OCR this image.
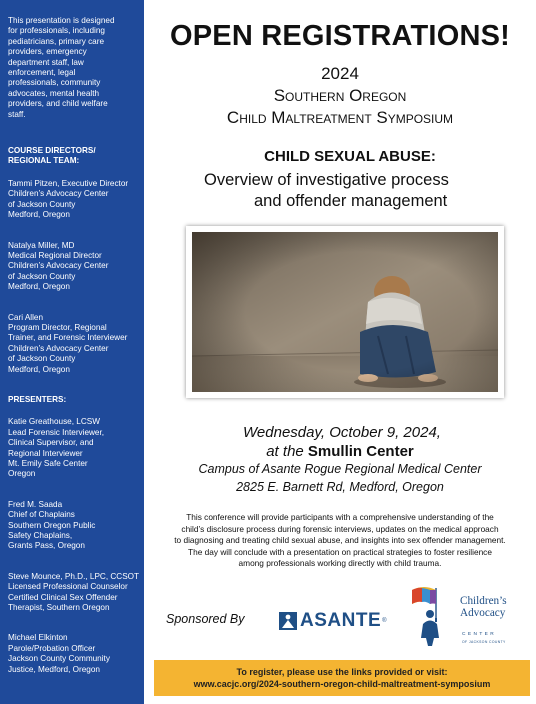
This presentation is designed
for professionals, including
pediatricians, primary care
providers, emergency
department staff, law
enforcement, legal
professionals, community
advocates, mental health
providers, and child welfare
staff.
COURSE DIRECTORS/
REGIONAL TEAM:
Tammi Pitzen, Executive Director
Children’s Advocacy Center
of Jackson County
Medford, Oregon
Natalya Miller, MD
Medical Regional Director
Children’s Advocacy Center
of Jackson County
Medford, Oregon
Cari Allen
Program Director, Regional
Trainer, and Forensic Interviewer
Children’s Advocacy Center
of Jackson County
Medford, Oregon
PRESENTERS:
Katie Greathouse, LCSW
Lead Forensic Interviewer,
Clinical Supervisor, and
Regional Interviewer
Mt. Emily Safe Center
Oregon
Fred M. Saada
Chief of Chaplains
Southern Oregon Public
Safety Chaplains,
Grants Pass, Oregon
Steve Mounce, Ph.D., LPC, CCSOT
Licensed Professional Counselor
Certified Clinical Sex Offender
Therapist, Southern Oregon
Michael Elkinton
Parole/Probation Officer
Jackson County Community
Justice, Medford, Oregon
OPEN REGISTRATIONS!
2024
Southern Oregon
Child Maltreatment Symposium
CHILD SEXUAL ABUSE:
Overview of investigative process
and offender management
Wednesday, October 9, 2024,
at the Smullin Center
Campus of Asante Rogue Regional Medical Center
2825 E. Barnett Rd, Medford, Oregon
This conference will provide participants with a comprehensive understanding of the
child’s disclosure process during forensic interviews, updates on the medical approach
to diagnosing and treating child sexual abuse, and insights into sex offender management.
The day will conclude with a presentation on practical strategies to foster resilience
among professionals working directly with child trauma.
Sponsored By	ASANTE ®
Children’s
Advocacy
CENTER
OF JACKSON COUNTY
To register, please use the links provided or visit:
www.cacjc.org/2024-southern-oregon-child-maltreatment-symposium
